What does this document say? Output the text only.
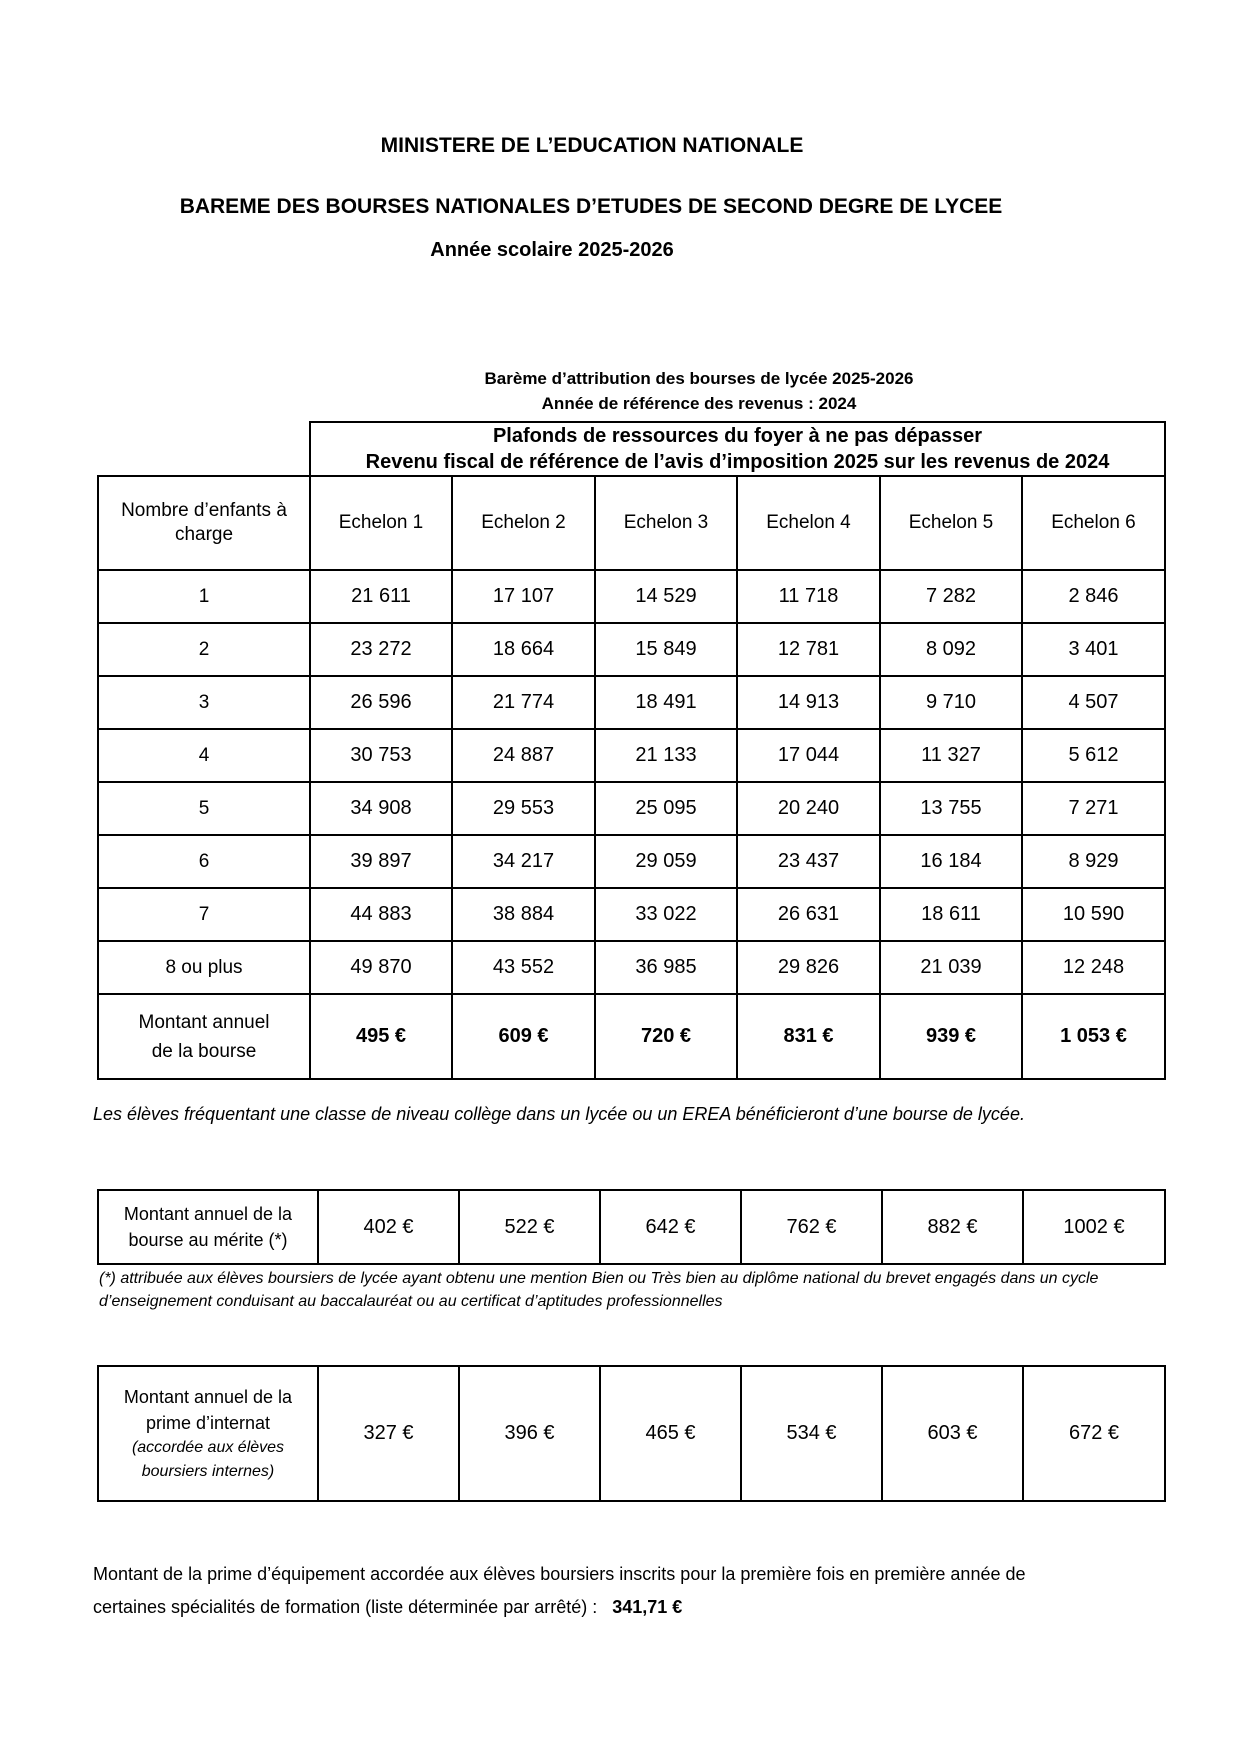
MINISTERE DE L’EDUCATION NATIONALE
BAREME DES BOURSES NATIONALES D’ETUDES DE SECOND DEGRE DE LYCEE
Année scolaire 2025-2026
Barème d’attribution des bourses de lycée 2025-2026
Année de référence des revenus : 2024

	Plafonds de ressources du foyer à ne pas dépasser
Revenu fiscal de référence de l’avis d’imposition 2025 sur les revenus de 2024					

Nombre d’enfants à charge	Echelon 1	Echelon 2	Echelon 3	Echelon 4	Echelon 5	Echelon 6
1	21 611	17 107	14 529	11 718	7 282	2 846
2	23 272	18 664	15 849	12 781	8 092	3 401
3	26 596	21 774	18 491	14 913	9 710	4 507
4	30 753	24 887	21 133	17 044	11 327	5 612
5	34 908	29 553	25 095	20 240	13 755	7 271
6	39 897	34 217	29 059	23 437	16 184	8 929
7	44 883	38 884	33 022	26 631	18 611	10 590
8 ou plus	49 870	43 552	36 985	29 826	21 039	12 248

Montant annuel
de la bourse	495 €	609 €	720 €	831 €	939 €	1 053 €
Les élèves fréquentant une classe de niveau collège dans un lycée ou un EREA bénéficieront d’une bourse de lycée.
Montant annuel de la
bourse au mérite (*)
	402 €	522 €	642 €	762 €	882 €	1002 €
(*) attribuée aux élèves boursiers de lycée ayant obtenu une mention Bien ou Très bien au diplôme national du brevet engagés dans un cycle d’enseignement conduisant au baccalauréat ou au certificat d’aptitudes professionnelles
Montant annuel de la
prime d’internat
(accordée aux élèves
boursiers internes)
	327 €	396 €	465 €	534 €	603 €	672 €
Montant de la prime d’équipement accordée aux élèves boursiers inscrits pour la première fois en première année de certaines spécialités de formation (liste déterminée par arrêté) : 341,71 €
